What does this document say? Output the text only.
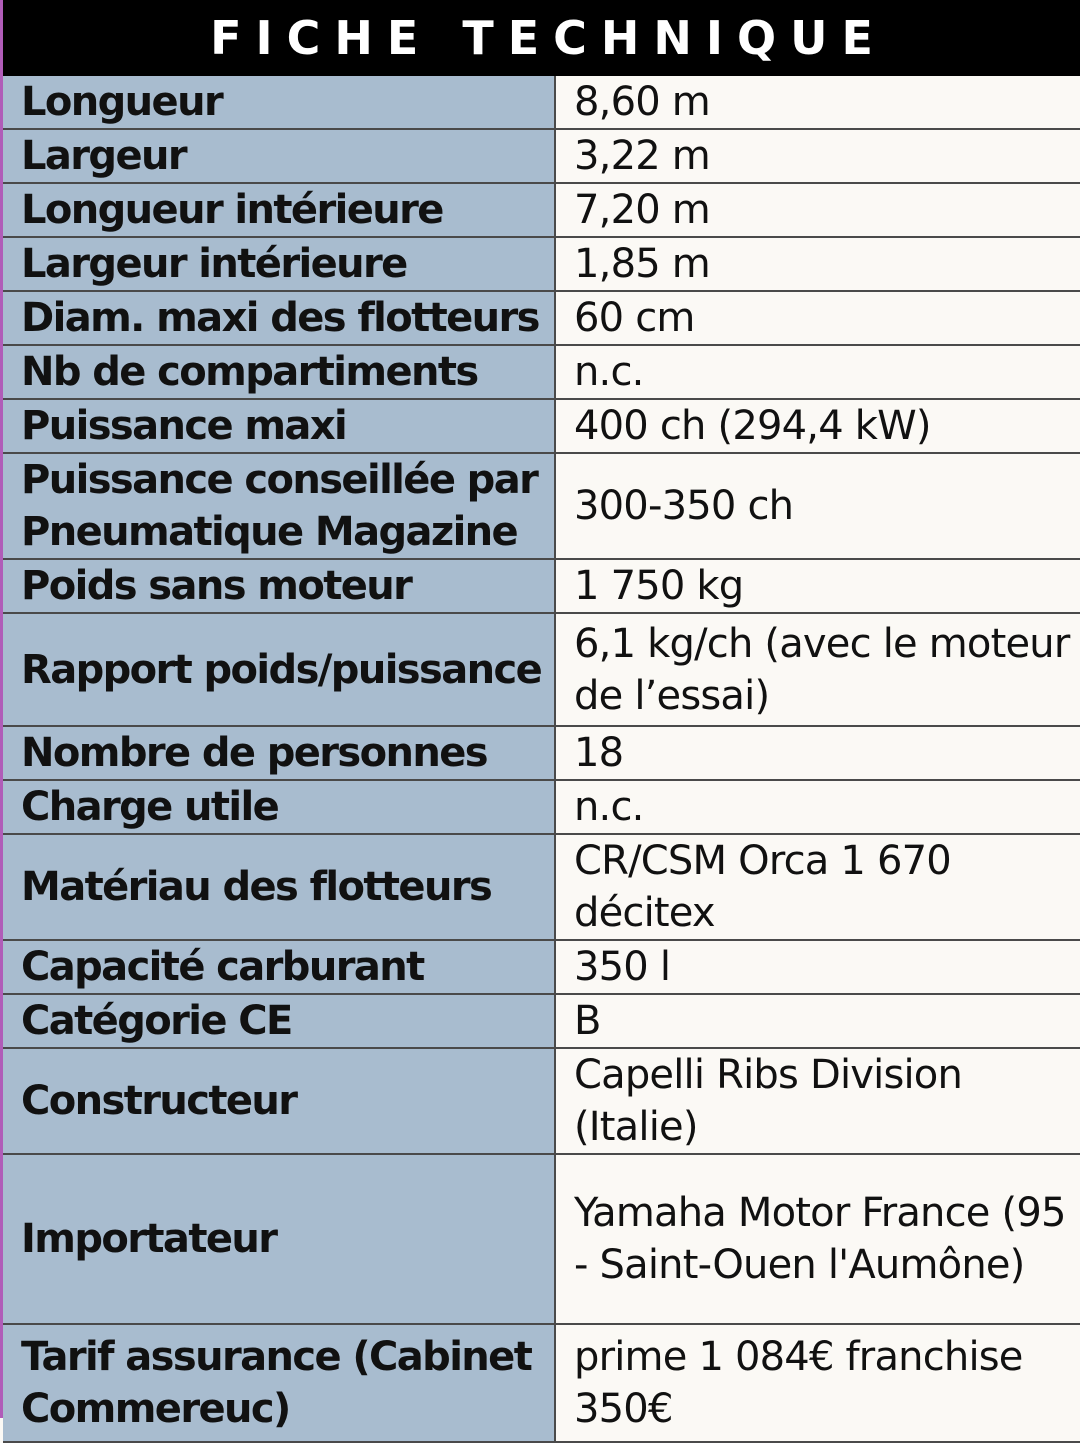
FICHE TECHNIQUE
Longueur	8,60 m
Largeur	3,22 m
Longueur intérieure	7,20 m
Largeur intérieure	1,85 m
Diam. maxi des flotteurs	60 cm
Nb de compartiments	n.c.
Puissance maxi	400 ch (294,4 kW)
Puissance conseillée par Pneumatique Magazine	300-350 ch
Poids sans moteur	1 750 kg
Rapport poids/puissance	6,1 kg/ch (avec le moteur de l’essai)
Nombre de personnes	18
Charge utile	n.c.
Matériau des flotteurs	CR/CSM Orca 1 670 décitex
Capacité carburant	350 l
Catégorie CE	B
Constructeur	Capelli Ribs Division (Italie)
Importateur	Yamaha Motor France (95 - Saint-Ouen l'Aumône)
Tarif assurance (Cabinet Commereuc)	prime 1 084€ franchise 350€
